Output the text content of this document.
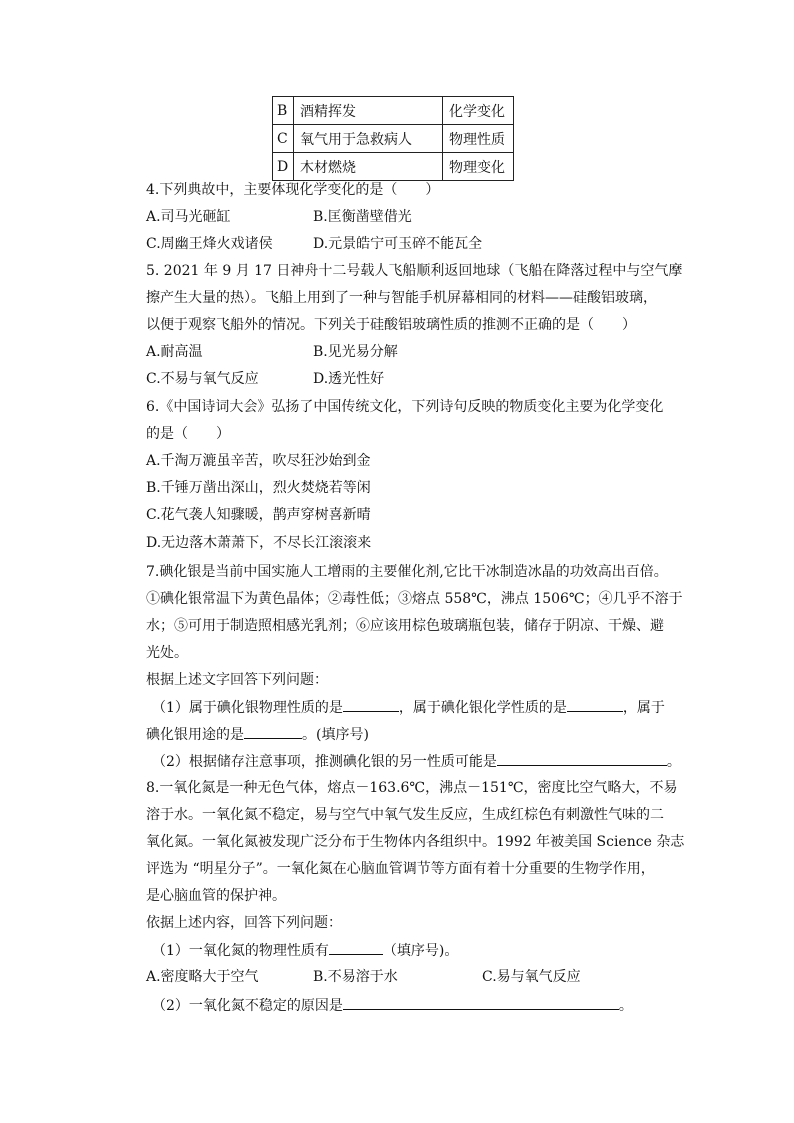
B	酒精挥发	化学变化
C	氧气用于急救病人	物理性质
D	木材燃烧	物理变化
4.下列典故中，主要体现化学变化的是（　　）
A.司马光砸缸	B.匡衡凿壁借光
C.周幽王烽火戏诸侯	D.元景皓宁可玉碎不能瓦全
5. 2021 年 9 月 17 日神舟十二号载人飞船顺利返回地球（飞船在降落过程中与空气摩
擦产生大量的热）。飞船上用到了一种与智能手机屏幕相同的材料——硅酸铝玻璃，
以便于观察飞船外的情况。下列关于硅酸铝玻璃性质的推测不正确的是（　　）
A.耐高温	B.见光易分解
C.不易与氧气反应	D.透光性好
6.《中国诗词大会》弘扬了中国传统文化，下列诗句反映的物质变化主要为化学变化
的是（　　）
A.千淘万漉虽辛苦，吹尽狂沙始到金
B.千锤万凿出深山，烈火焚烧若等闲
C.花气袭人知骤暖，鹊声穿树喜新晴
D.无边落木萧萧下，不尽长江滚滚来
7.碘化银是当前中国实施人工增雨的主要催化剂,它比干冰制造冰晶的功效高出百倍。
①碘化银常温下为黄色晶体；②毒性低；③熔点 558℃，沸点 1506℃；④几乎不溶于
水；⑤可用于制造照相感光乳剂；⑥应该用棕色玻璃瓶包装，储存于阴凉、干燥、避
光处。
根据上述文字回答下列问题：
（1）属于碘化银物理性质的是	，属于碘化银化学性质的是	，属于
碘化银用途的是	。(填序号)
（2）根据储存注意事项，推测碘化银的另一性质可能是	。
8.一氧化氮是一种无色气体，熔点－163.6℃，沸点－151℃，密度比空气略大，不易
溶于水。一氧化氮不稳定，易与空气中氧气发生反应，生成红棕色有刺激性气味的二
氧化氮。一氧化氮被发现广泛分布于生物体内各组织中。1992 年被美国 Science 杂志
评选为 “明星分子”。一氧化氮在心脑血管调节等方面有着十分重要的生物学作用，
是心脑血管的保护神。
依据上述内容，回答下列问题：
（1）一氧化氮的物理性质有	（填序号)。
A.密度略大于空气	B.不易溶于水	C.易与氧气反应
（2）一氧化氮不稳定的原因是	。
